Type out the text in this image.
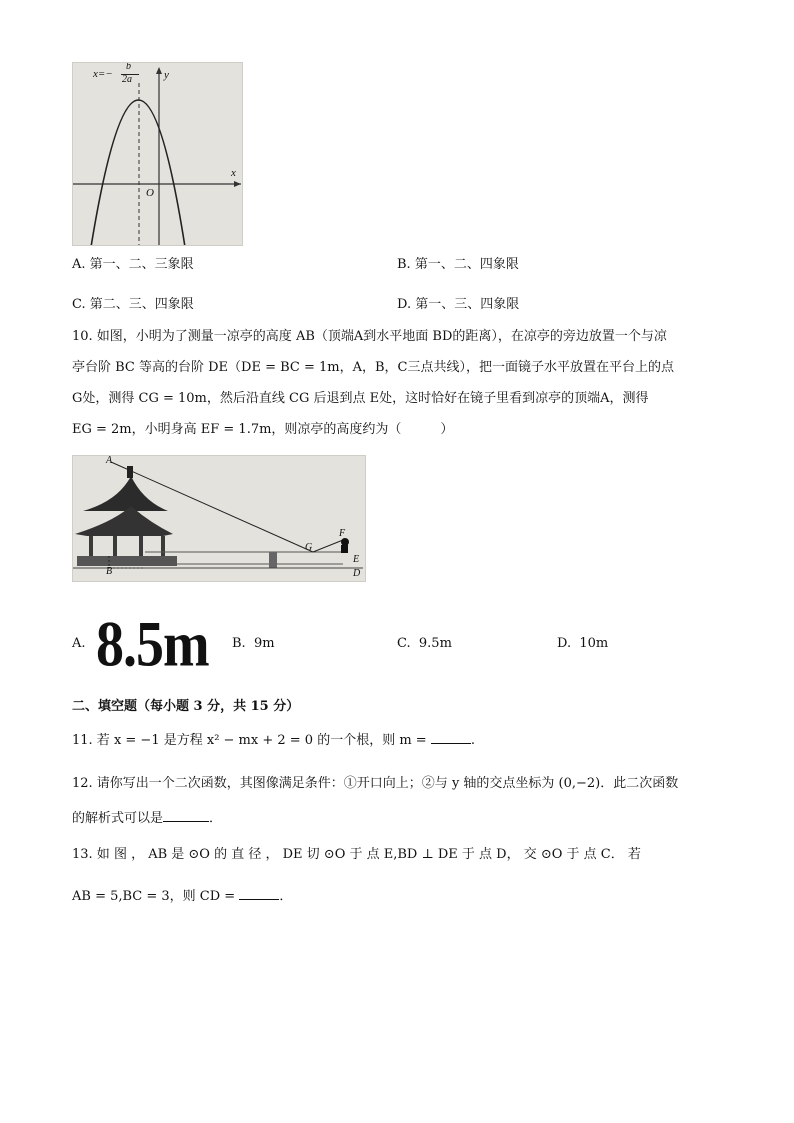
x=−
b
2a	y
x
O
A. 第一、二、三象限	B. 第一、二、四象限
C. 第二、三、四象限	D. 第一、三、四象限
10. 如图，小明为了测量一凉亭的高度 AB（顶端A到水平地面 BD的距离），在凉亭的旁边放置一个与凉
亭台阶 BC 等高的台阶 DE（DE = BC = 1m，A，B，C三点共线），把一面镜子水平放置在平台上的点
G处，测得 CG = 10m，然后沿直线 CG 后退到点 E处，这时恰好在镜子里看到凉亭的顶端A，测得
EG = 2m，小明身高 EF = 1.7m，则凉亭的高度约为（　　　）
A
B
G
F
E
D
A. 8.5m B. 9m	C. 9.5m	D. 10m
二、填空题（每小题 3 分，共 15 分）
11. 若 x = −1 是方程 x² − mx + 2 = 0 的一个根，则 m =	.
12. 请你写出一个二次函数，其图像满足条件：①开口向上；②与 y 轴的交点坐标为 (0,−2)．此二次函数
的解析式可以是	．
13. 如 图 ， AB 是 ⊙O 的 直 径 ， DE 切 ⊙O 于 点 E,BD ⊥ DE 于 点 D， 交 ⊙O 于 点 C． 若
AB = 5,BC = 3，则 CD =	．
